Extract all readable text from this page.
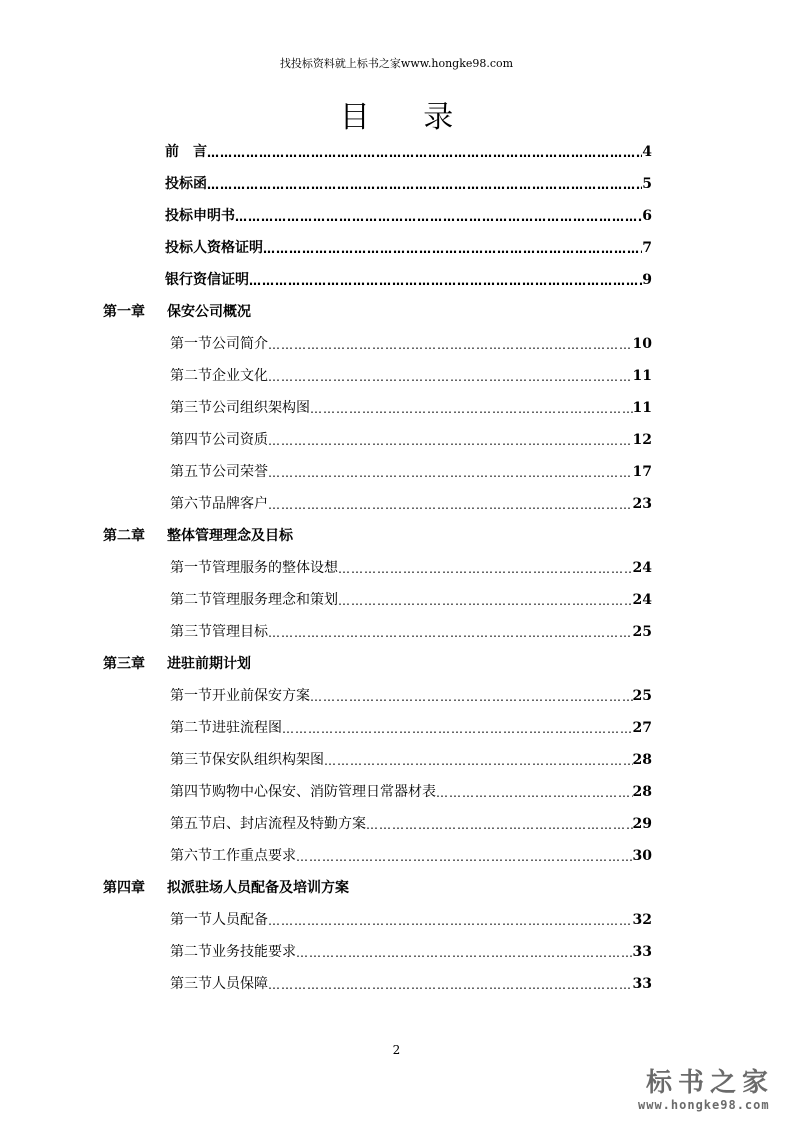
找投标资料就上标书之家www.hongke98.com
目 录
前　言 ………………………………………………………………………………………………………………………………………………………………………	4
投标函 ………………………………………………………………………………………………………………………………………………………………………	5
投标申明书 ………………………………………………………………………………………………………………………………………………………………………	6
投标人资格证明 ………………………………………………………………………………………………………………………………………………………………………	7
银行资信证明 ………………………………………………………………………………………………………………………………………………………………………	9
第一章	保安公司概况
第一节 公司简介 ………………………………………………………………………………………………………………………………………………………………………	10
第二节 企业文化 ………………………………………………………………………………………………………………………………………………………………………	11
第三节 公司组织架构图 ………………………………………………………………………………………………………………………………………………………………………	11
第四节 公司资质 ………………………………………………………………………………………………………………………………………………………………………	12
第五节 公司荣誉 ………………………………………………………………………………………………………………………………………………………………………	17
第六节 品牌客户 ………………………………………………………………………………………………………………………………………………………………………	23
第二章	整体管理理念及目标
第一节 管理服务的整体设想 ………………………………………………………………………………………………………………………………………………………………………	24
第二节 管理服务理念和策划 ………………………………………………………………………………………………………………………………………………………………………	24
第三节 管理目标 ………………………………………………………………………………………………………………………………………………………………………	25
第三章	进驻前期计划
第一节 开业前保安方案 ………………………………………………………………………………………………………………………………………………………………………	25
第二节 进驻流程图 ………………………………………………………………………………………………………………………………………………………………………	27
第三节 保安队组织构架图 ………………………………………………………………………………………………………………………………………………………………………	28
第四节 购物中心保安、消防管理日常器材表 ………………………………………………………………………………………………………………………………………………………………………	28
第五节 启、封店流程及特勤方案 ………………………………………………………………………………………………………………………………………………………………………	29
第六节 工作重点要求 ………………………………………………………………………………………………………………………………………………………………………	30
第四章	拟派驻场人员配备及培训方案
第一节 人员配备 ………………………………………………………………………………………………………………………………………………………………………	32
第二节 业务技能要求 ………………………………………………………………………………………………………………………………………………………………………	33
第三节 人员保障 ………………………………………………………………………………………………………………………………………………………………………	33
2
标书之家
www.hongke98.com
